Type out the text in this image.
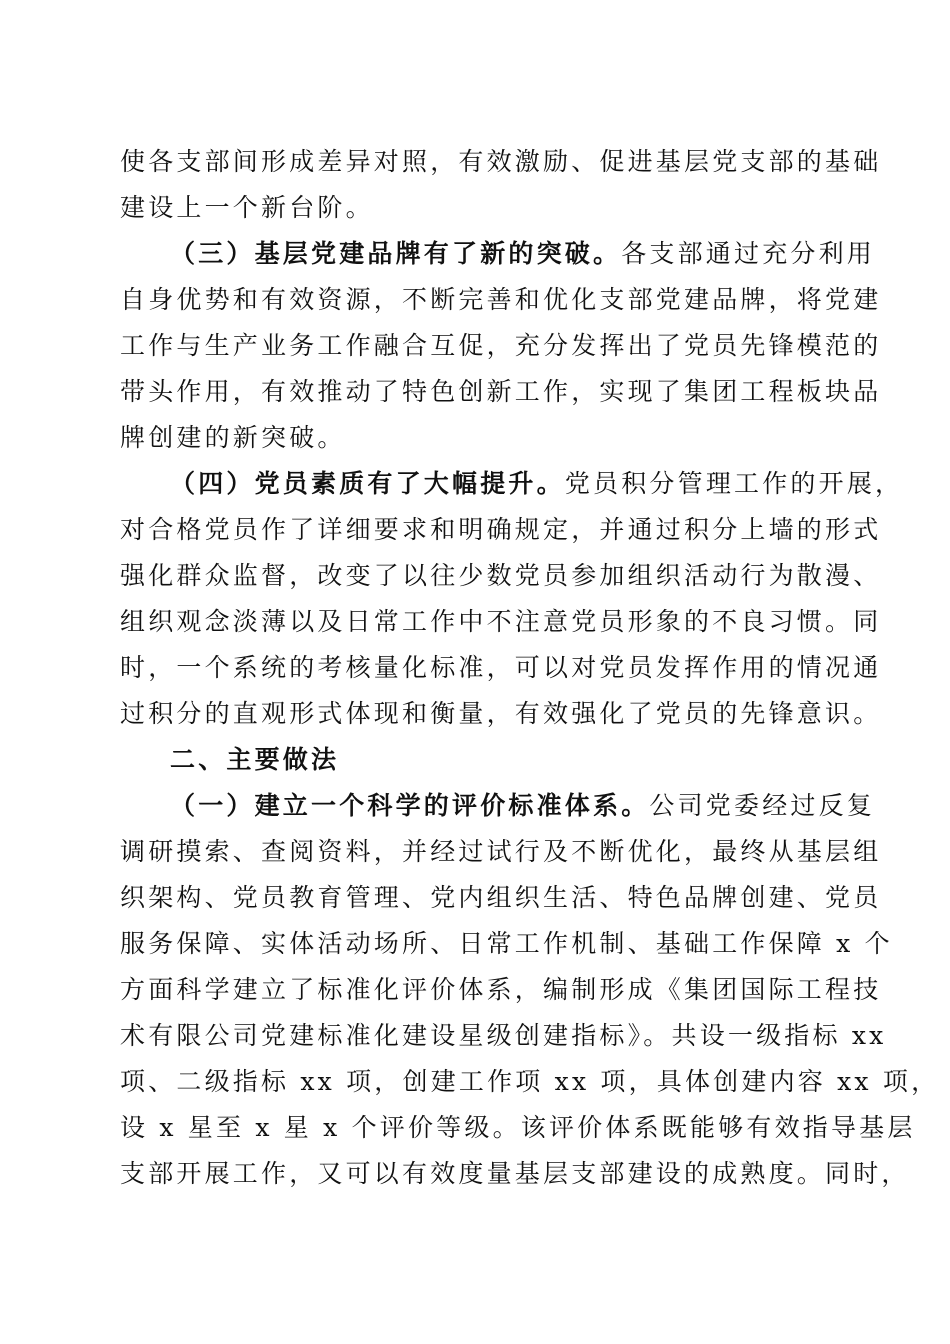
使各支部间形成差异对照，有效激励、促进基层党支部的基础
建设上一个新台阶。
（三）基层党建品牌有了新的突破。各支部通过充分利用
自身优势和有效资源，不断完善和优化支部党建品牌，将党建
工作与生产业务工作融合互促，充分发挥出了党员先锋模范的
带头作用，有效推动了特色创新工作，实现了集团工程板块品
牌创建的新突破。
（四）党员素质有了大幅提升。党员积分管理工作的开展，
对合格党员作了详细要求和明确规定，并通过积分上墙的形式
强化群众监督，改变了以往少数党员参加组织活动行为散漫、
组织观念淡薄以及日常工作中不注意党员形象的不良习惯。同
时，一个系统的考核量化标准，可以对党员发挥作用的情况通
过积分的直观形式体现和衡量，有效强化了党员的先锋意识。
二、主要做法
（一）建立一个科学的评价标准体系。公司党委经过反复
调研摸索、查阅资料，并经过试行及不断优化，最终从基层组
织架构、党员教育管理、党内组织生活、特色品牌创建、党员
服务保障、实体活动场所、日常工作机制、基础工作保障 x 个
方面科学建立了标准化评价体系，编制形成《集团国际工程技
术有限公司党建标准化建设星级创建指标》。共设一级指标 xx
项、二级指标 xx 项，创建工作项 xx 项，具体创建内容 xx 项，
设 x 星至 x 星 x 个评价等级。该评价体系既能够有效指导基层
支部开展工作，又可以有效度量基层支部建设的成熟度。同时，
